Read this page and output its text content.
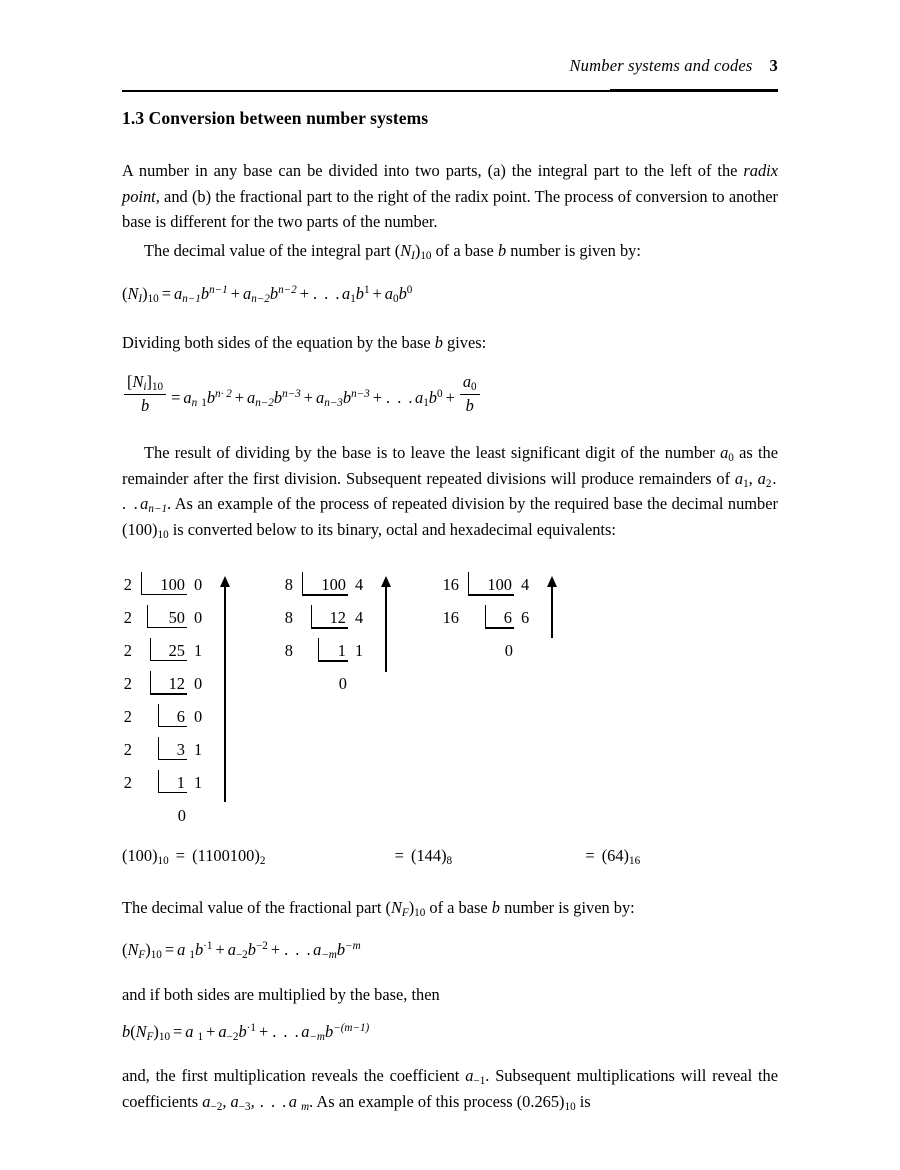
Number systems and codes 3
1.3 Conversion between number systems
A number in any base can be divided into two parts, (a) the integral part to the left of the radix point, and (b) the fractional part to the right of the radix point. The process of conversion to another base is different for the two parts of the number.
The decimal value of the integral part $(N_I)_{10}$ of a base b number is given by:
$(N_I)_{10} = a_{n-1}b^{n-1} + a_{n-2}b^{n-2}$ + . . $.a_1b^1 + a_0b^0$
Dividing both sides of the equation by the base b gives:
$\frac{[N_i]_{10}}{b} = a_n$ $_1b^{n\cdot 2} + a_{n-2}b^{n-3} + a_{n-3}b^{n-3}$ + . . $.a_1b^0 + \frac{a_0}{b}$
The result of dividing by the base is to leave the least significant digit of the number $a_0$ as the remainder after the first division. Subsequent repeated divisions will produce remainders of $a_1$, $a_2$. . $.a_{n-1}$. As an example of the process of repeated division by the required base the decimal number $(100)_{10}$ is converted below to its binary, octal and hexadecimal equivalents:
2
2
2
2
2
2
2
100
50
25
12
6
3
1
0
0
1
0
0
1
1
0
8
8
8
100
12
1
4
4
1
0
16
16
100
6
4
6
0
$(100)_{10} = (1100100)_2$	= $(144)_8$	= $(64)_{16}$
The decimal value of the fractional part $(N_F)_{10}$ of a base b number is given by:
$(N_F)_{10} = a$ $_1b^{\cdot 1} + a_{-2}b^{-2}$ + . . $.a_{-m}b^{-m}$
and if both sides are multiplied by the base, then
$b(N_F)_{10} = a$ $_1 + a_{-2}b^{\cdot 1}$ + . . $.a_{-m}b^{-(m-1)}$
and, the first multiplication reveals the coefficient $a_{-1}$. Subsequent multiplications will reveal the coefficients $a_{-2}$, $a_{-3}$, . . .a $_m$. As an example of this process $(0.265)_{10}$ is
